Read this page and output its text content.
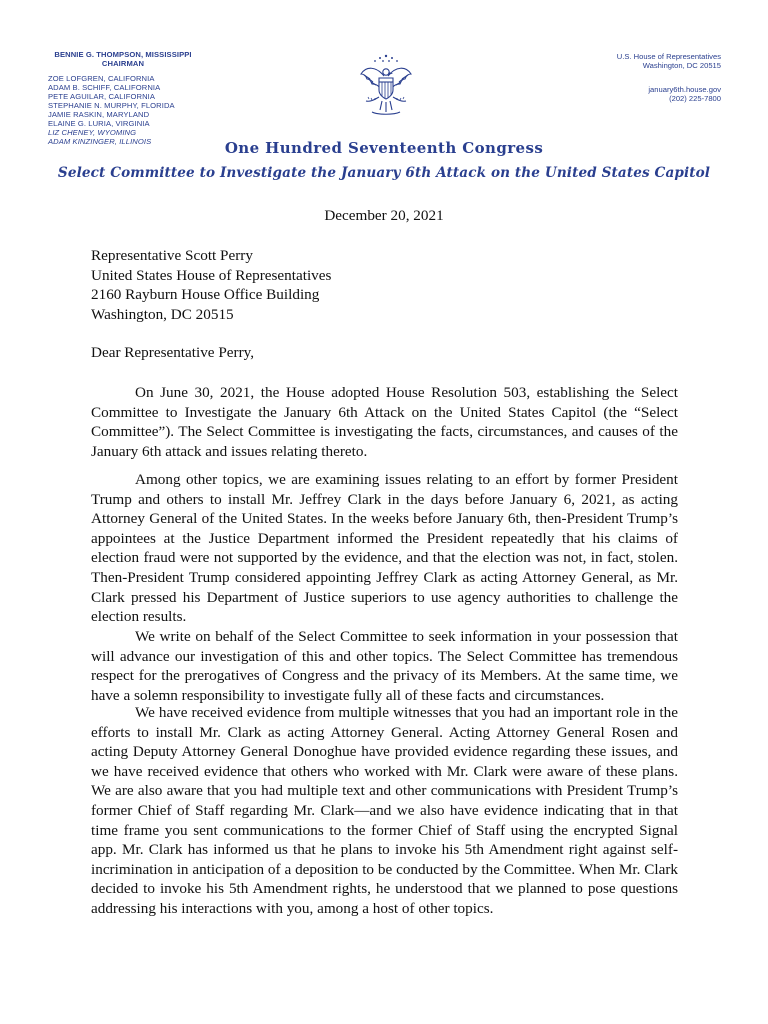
BENNIE G. THOMPSON, MISSISSIPPI
CHAIRMAN
ZOE LOFGREN, CALIFORNIA
ADAM B. SCHIFF, CALIFORNIA
PETE AGUILAR, CALIFORNIA
STEPHANIE N. MURPHY, FLORIDA
JAMIE RASKIN, MARYLAND
ELAINE G. LURIA, VIRGINIA
LIZ CHENEY, WYOMING
ADAM KINZINGER, ILLINOIS
U.S. House of Representatives
Washington, DC 20515
january6th.house.gov
(202) 225-7800
One Hundred Seventeenth Congress
Select Committee to Investigate the January 6th Attack on the United States Capitol
December 20, 2021
Representative Scott Perry
United States House of Representatives
2160 Rayburn House Office Building
Washington, DC 20515
Dear Representative Perry,
On June 30, 2021, the House adopted House Resolution 503, establishing the Select Committee to Investigate the January 6th Attack on the United States Capitol (the “Select Committee”). The Select Committee is investigating the facts, circumstances, and causes of the January 6th attack and issues relating thereto.
Among other topics, we are examining issues relating to an effort by former President Trump and others to install Mr. Jeffrey Clark in the days before January 6, 2021, as acting Attorney General of the United States. In the weeks before January 6th, then-President Trump’s appointees at the Justice Department informed the President repeatedly that his claims of election fraud were not supported by the evidence, and that the election was not, in fact, stolen. Then-President Trump considered appointing Jeffrey Clark as acting Attorney General, as Mr. Clark pressed his Department of Justice superiors to use agency authorities to challenge the election results.
We write on behalf of the Select Committee to seek information in your possession that will advance our investigation of this and other topics. The Select Committee has tremendous respect for the prerogatives of Congress and the privacy of its Members. At the same time, we have a solemn responsibility to investigate fully all of these facts and circumstances.
We have received evidence from multiple witnesses that you had an important role in the efforts to install Mr. Clark as acting Attorney General. Acting Attorney General Rosen and acting Deputy Attorney General Donoghue have provided evidence regarding these issues, and we have received evidence that others who worked with Mr. Clark were aware of these plans. We are also aware that you had multiple text and other communications with President Trump’s former Chief of Staff regarding Mr. Clark—and we also have evidence indicating that in that time frame you sent communications to the former Chief of Staff using the encrypted Signal app. Mr. Clark has informed us that he plans to invoke his 5th Amendment right against self-incrimination in anticipation of a deposition to be conducted by the Committee. When Mr. Clark decided to invoke his 5th Amendment rights, he understood that we planned to pose questions addressing his interactions with you, among a host of other topics.
